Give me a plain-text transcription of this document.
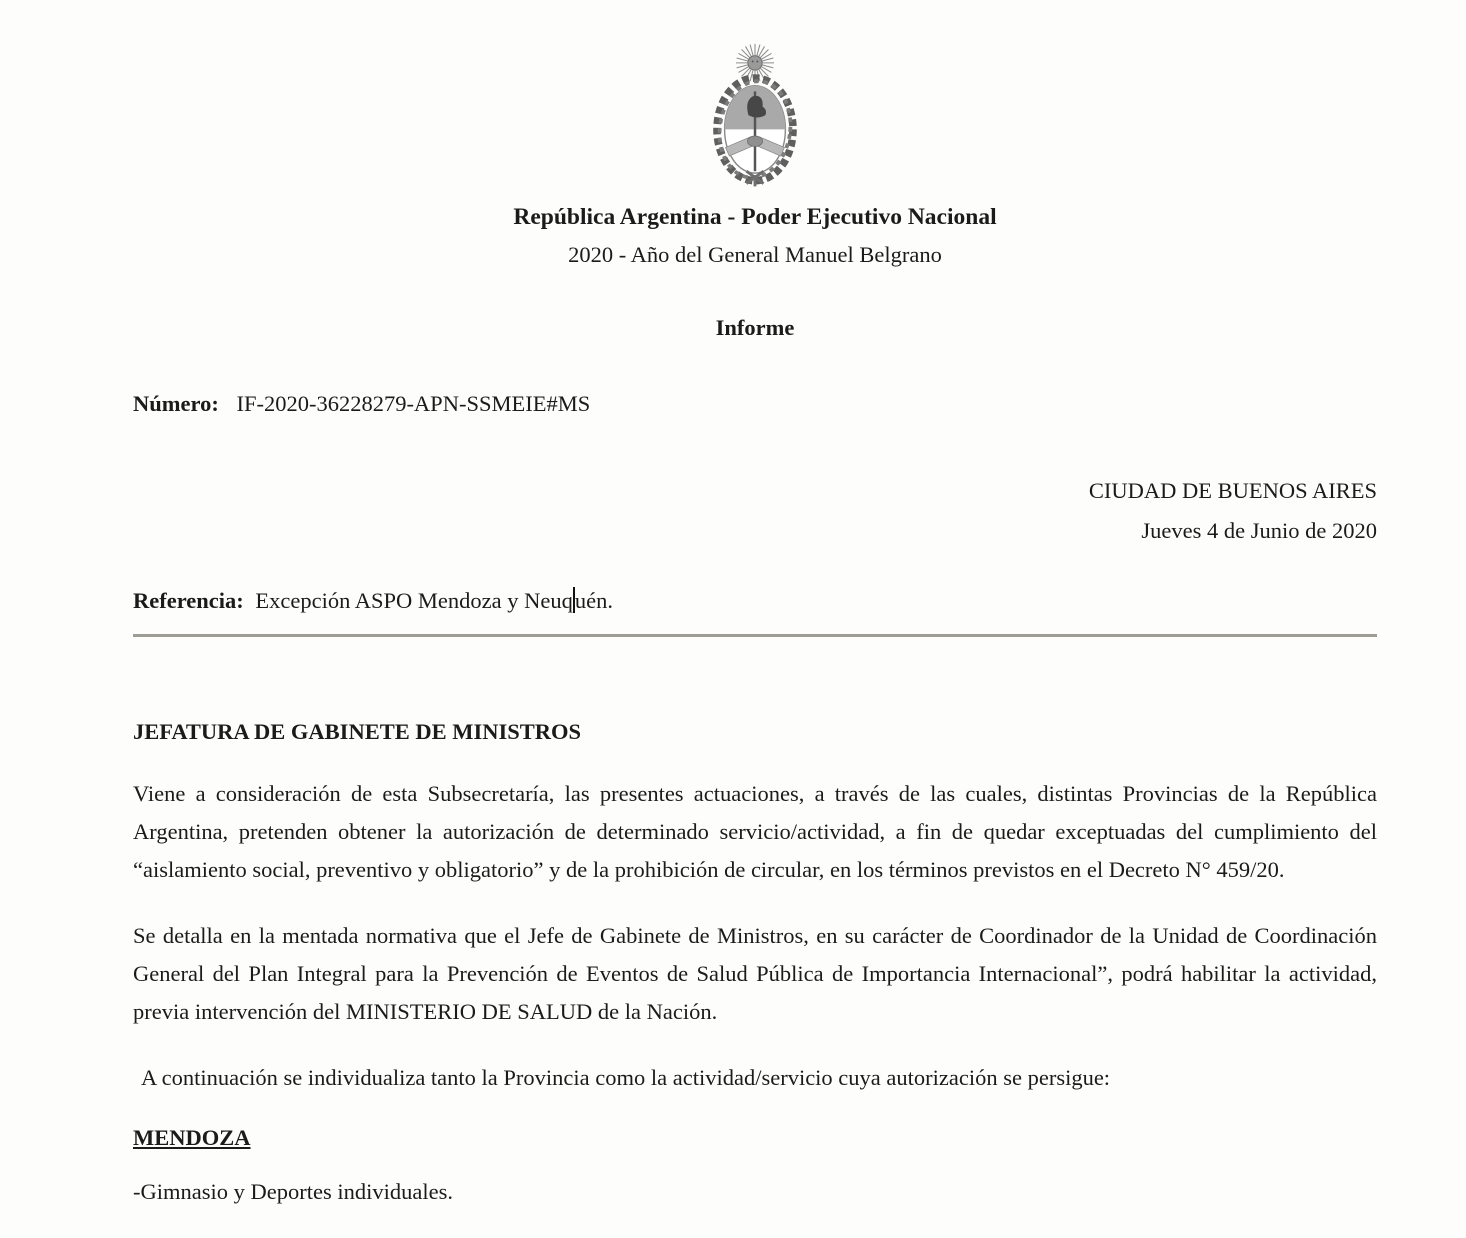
República Argentina - Poder Ejecutivo Nacional

2020 - Año del General Manuel Belgrano

Informe
Número: IF-2020-36228279-APN-SSMEIE#MS
CIUDAD DE BUENOS AIRES
Jueves 4 de Junio de 2020
Referencia: Excepción ASPO Mendoza y Neuquén.
JEFATURA DE GABINETE DE MINISTROS

Viene a consideración de esta Subsecretaría, las presentes actuaciones, a través de las cuales, distintas Provincias de la República Argentina, pretenden obtener la autorización de determinado servicio/actividad, a fin de quedar exceptuadas del cumplimiento del “aislamiento social, preventivo y obligatorio” y de la prohibición de circular, en los términos previstos en el Decreto N° 459/20.

Se detalla en la mentada normativa que el Jefe de Gabinete de Ministros, en su carácter de Coordinador de la Unidad de Coordinación General del Plan Integral para la Prevención de Eventos de Salud Pública de Importancia Internacional”, podrá habilitar la actividad, previa intervención del MINISTERIO DE SALUD de la Nación.

A continuación se individualiza tanto la Provincia como la actividad/servicio cuya autorización se persigue:

MENDOZA
-Gimnasio y Deportes individuales.
